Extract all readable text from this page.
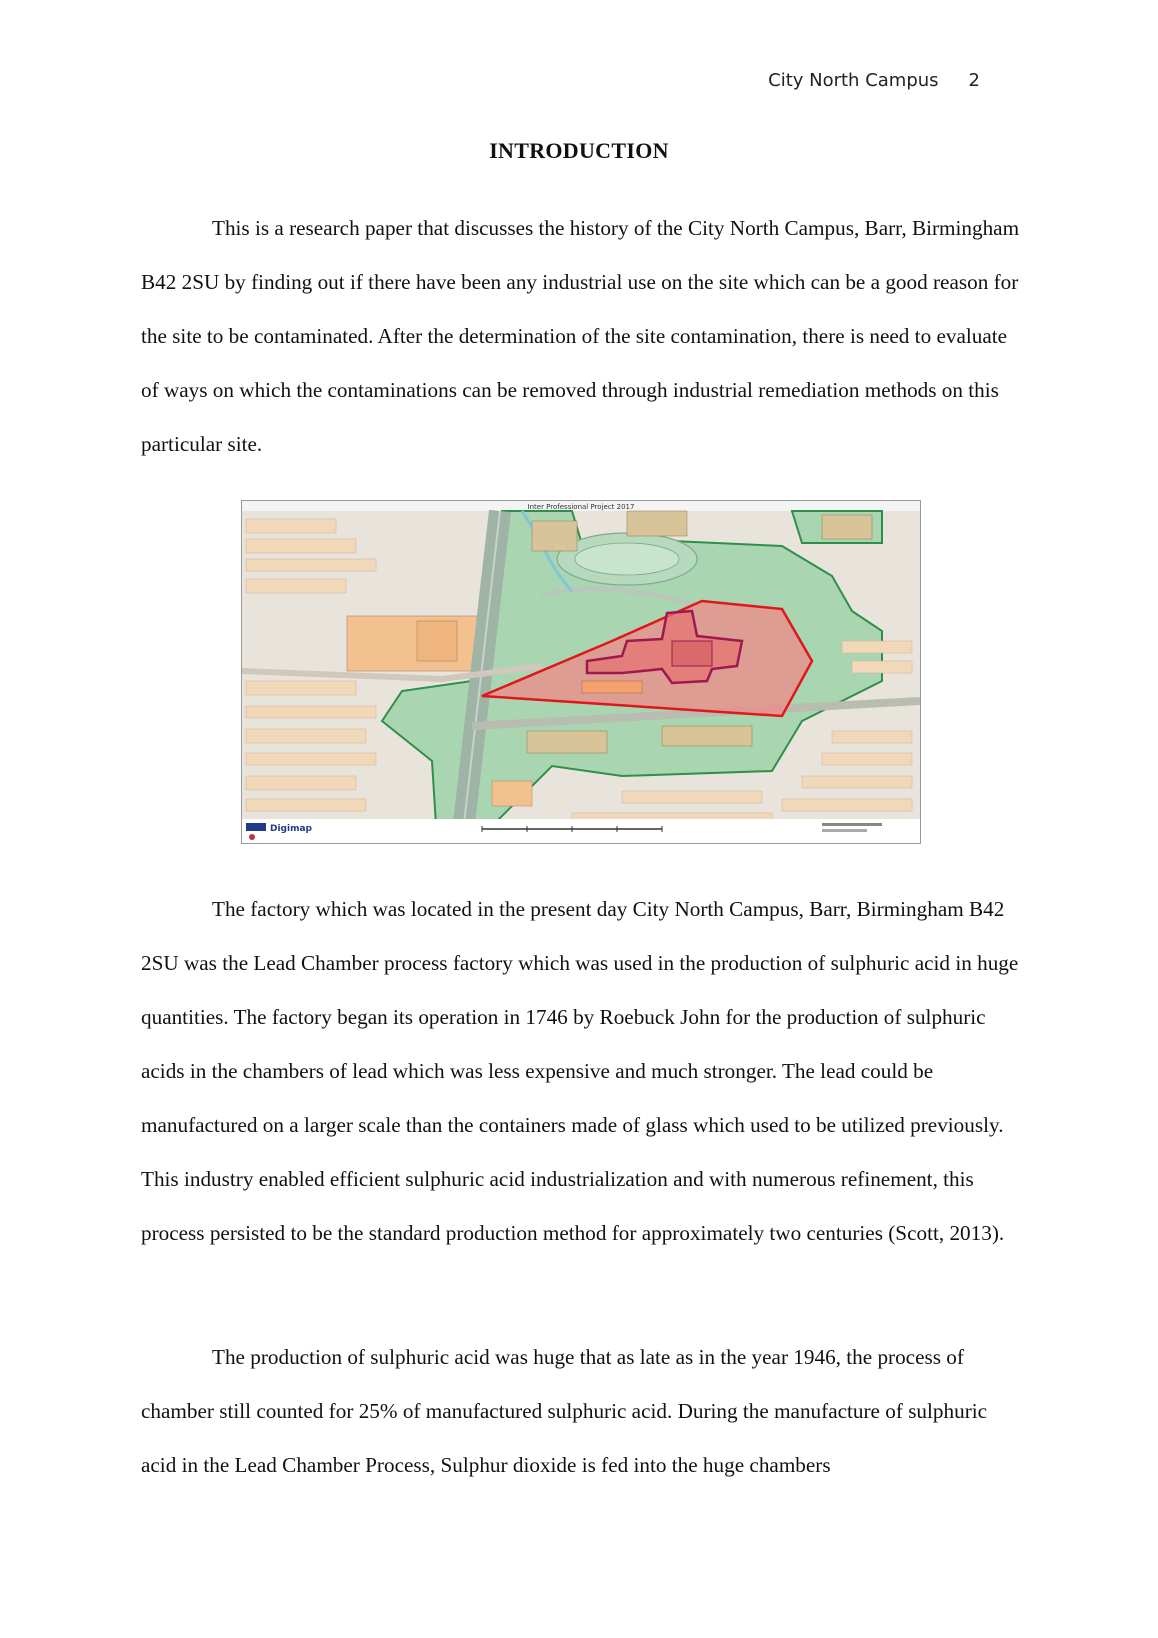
City North Campus 2
INTRODUCTION

This is a research paper that discusses the history of the City North Campus, Barr, Birmingham B42 2SU by finding out if there have been any industrial use on the site which can be a good reason for the site to be contaminated. After the determination of the site contamination, there is need to evaluate of ways on which the contaminations can be removed through industrial remediation methods on this particular site.

Inter Professional Project 2017
Digimap

The factory which was located in the present day City North Campus, Barr, Birmingham B42 2SU was the Lead Chamber process factory which was used in the production of sulphuric acid in huge quantities. The factory began its operation in 1746 by Roebuck John for the production of sulphuric acids in the chambers of lead which was less expensive and much stronger. The lead could be manufactured on a larger scale than the containers made of glass which used to be utilized previously. This industry enabled efficient sulphuric acid industrialization and with numerous refinement, this process persisted to be the standard production method for approximately two centuries (Scott, 2013).

The production of sulphuric acid was huge that as late as in the year 1946, the process of chamber still counted for 25% of manufactured sulphuric acid. During the manufacture of sulphuric acid in the Lead Chamber Process, Sulphur dioxide is fed into the huge chambers
